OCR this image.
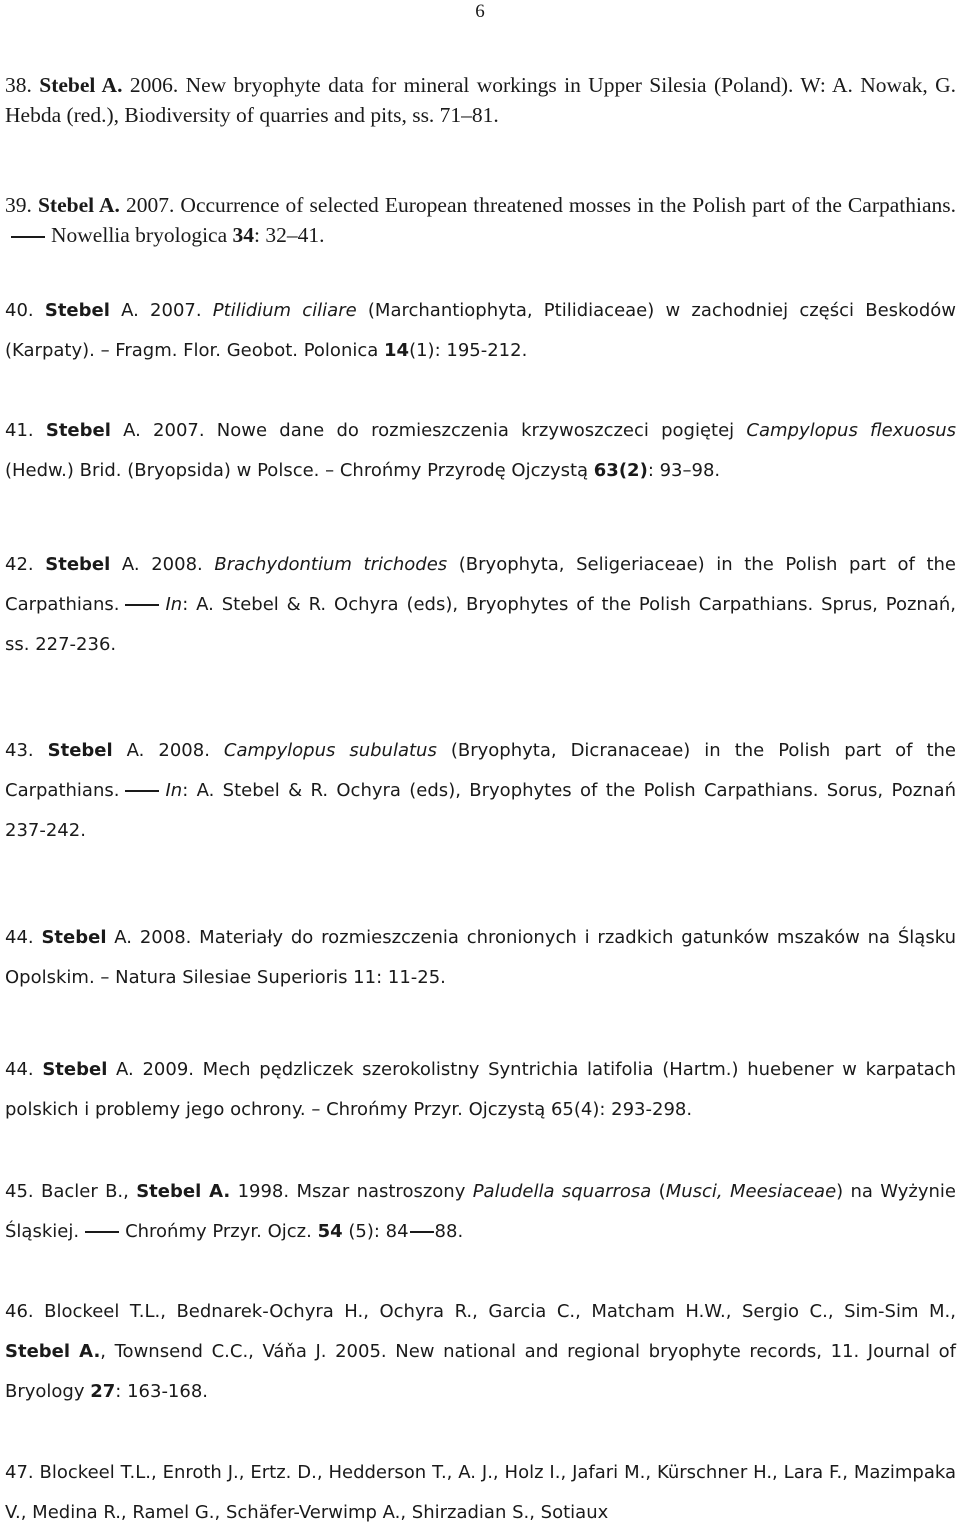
6

38. Stebel A. 2006. New bryophyte data for mineral workings in Upper Silesia (Poland). W: A. Nowak, G. Hebda (red.), Biodiversity of quarries and pits, ss. 71–81.

39. Stebel A. 2007. Occurrence of selected European threatened mosses in the Polish part of the Carpathians.Nowellia bryologica 34: 32–41.

40. Stebel A. 2007. Ptilidium ciliare (Marchantiophyta, Ptilidiaceae) w zachodniej części Beskodów (Karpaty). – Fragm. Flor. Geobot. Polonica 14(1): 195-212.

41. Stebel A. 2007. Nowe dane do rozmieszczenia krzywoszczeci pogiętej Campylopus flexuosus (Hedw.) Brid. (Bryopsida) w Polsce. – Chrońmy Przyrodę Ojczystą 63(2): 93–98.

42. Stebel A. 2008. Brachydontium trichodes (Bryophyta, Seligeriaceae) in the Polish part of the Carpathians.	In: A. Stebel & R. Ochyra (eds), Bryophytes of the Polish Carpathians. Sprus, Poznań, ss. 227-236.

43. Stebel A. 2008. Campylopus subulatus (Bryophyta, Dicranaceae) in the Polish part of the Carpathians.	In: A. Stebel & R. Ochyra (eds), Bryophytes of the Polish Carpathians. Sorus, Poznań 237-242.

44. Stebel A. 2008. Materiały do rozmieszczenia chronionych i rzadkich gatunków mszaków na Śląsku Opolskim. – Natura Silesiae Superioris 11: 11-25.

44. Stebel A. 2009. Mech pędzliczek szerokolistny Syntrichia latifolia (Hartm.) huebener w karpatach polskich i problemy jego ochrony. – Chrońmy Przyr. Ojczystą 65(4): 293-298.

45. Bacler B., Stebel A. 1998. Mszar nastroszony Paludella squarrosa (Musci, Meesiaceae) na Wyżynie Śląskiej.	Chrońmy Przyr. Ojcz. 54 (5): 84 88.

46. Blockeel T.L., Bednarek-Ochyra H., Ochyra R., Garcia C., Matcham H.W., Sergio C., Sim-Sim M., Stebel A., Townsend C.C., Váňa J. 2005. New national and regional bryophyte records, 11. Journal of Bryology 27: 163-168.

47. Blockeel T.L., Enroth J., Ertz. D., Hedderson T., A. J., Holz I., Jafari M., Kürschner H., Lara F., Mazimpaka V., Medina R., Ramel G., Schäfer-Verwimp A., Shirzadian S., Sotiaux
